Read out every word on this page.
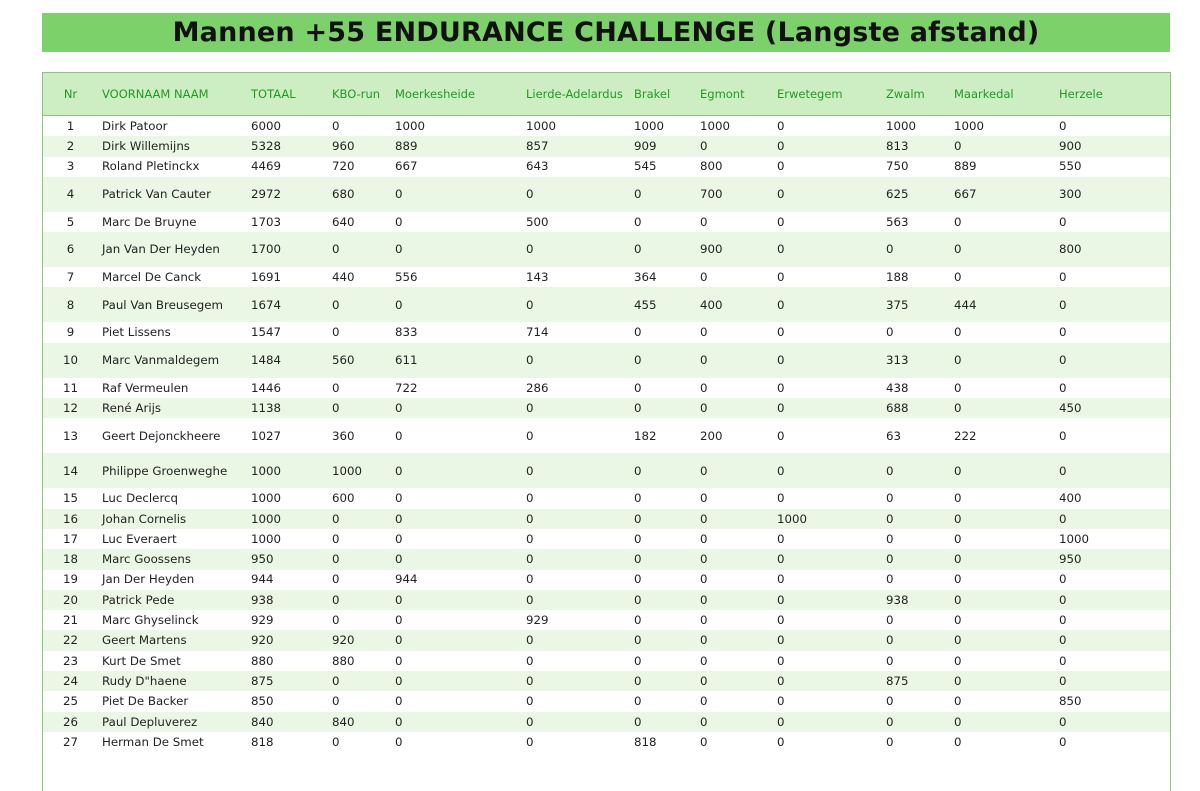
Mannen +55 ENDURANCE CHALLENGE (Langste afstand)
Nr	VOORNAAM NAAM	TOTAAL	KBO-run	Moerkesheide	Lierde-Adelardus	Brakel	Egmont	Erwetegem	Zwalm	Maarkedal	Herzele
1	Dirk Patoor	6000	0	1000	1000	1000	1000	0	1000	1000	0
2	Dirk Willemijns	5328	960	889	857	909	0	0	813	0	900
3	Roland Pletinckx	4469	720	667	643	545	800	0	750	889	550
4	Patrick Van Cauter	2972	680	0	0	0	700	0	625	667	300
5	Marc De Bruyne	1703	640	0	500	0	0	0	563	0	0
6	Jan Van Der Heyden	1700	0	0	0	0	900	0	0	0	800
7	Marcel De Canck	1691	440	556	143	364	0	0	188	0	0
8	Paul Van Breusegem	1674	0	0	0	455	400	0	375	444	0
9	Piet Lissens	1547	0	833	714	0	0	0	0	0	0
10	Marc Vanmaldegem	1484	560	611	0	0	0	0	313	0	0
11	Raf Vermeulen	1446	0	722	286	0	0	0	438	0	0
12	René Arijs	1138	0	0	0	0	0	0	688	0	450
13	Geert Dejonckheere	1027	360	0	0	182	200	0	63	222	0
14	Philippe Groenweghe	1000	1000	0	0	0	0	0	0	0	0
15	Luc Declercq	1000	600	0	0	0	0	0	0	0	400
16	Johan Cornelis	1000	0	0	0	0	0	1000	0	0	0
17	Luc Everaert	1000	0	0	0	0	0	0	0	0	1000
18	Marc Goossens	950	0	0	0	0	0	0	0	0	950
19	Jan Der Heyden	944	0	944	0	0	0	0	0	0	0
20	Patrick Pede	938	0	0	0	0	0	0	938	0	0
21	Marc Ghyselinck	929	0	0	929	0	0	0	0	0	0
22	Geert Martens	920	920	0	0	0	0	0	0	0	0
23	Kurt De Smet	880	880	0	0	0	0	0	0	0	0
24	Rudy D"haene	875	0	0	0	0	0	0	875	0	0
25	Piet De Backer	850	0	0	0	0	0	0	0	0	850
26	Paul Depluverez	840	840	0	0	0	0	0	0	0	0
27	Herman De Smet	818	0	0	0	818	0	0	0	0	0
